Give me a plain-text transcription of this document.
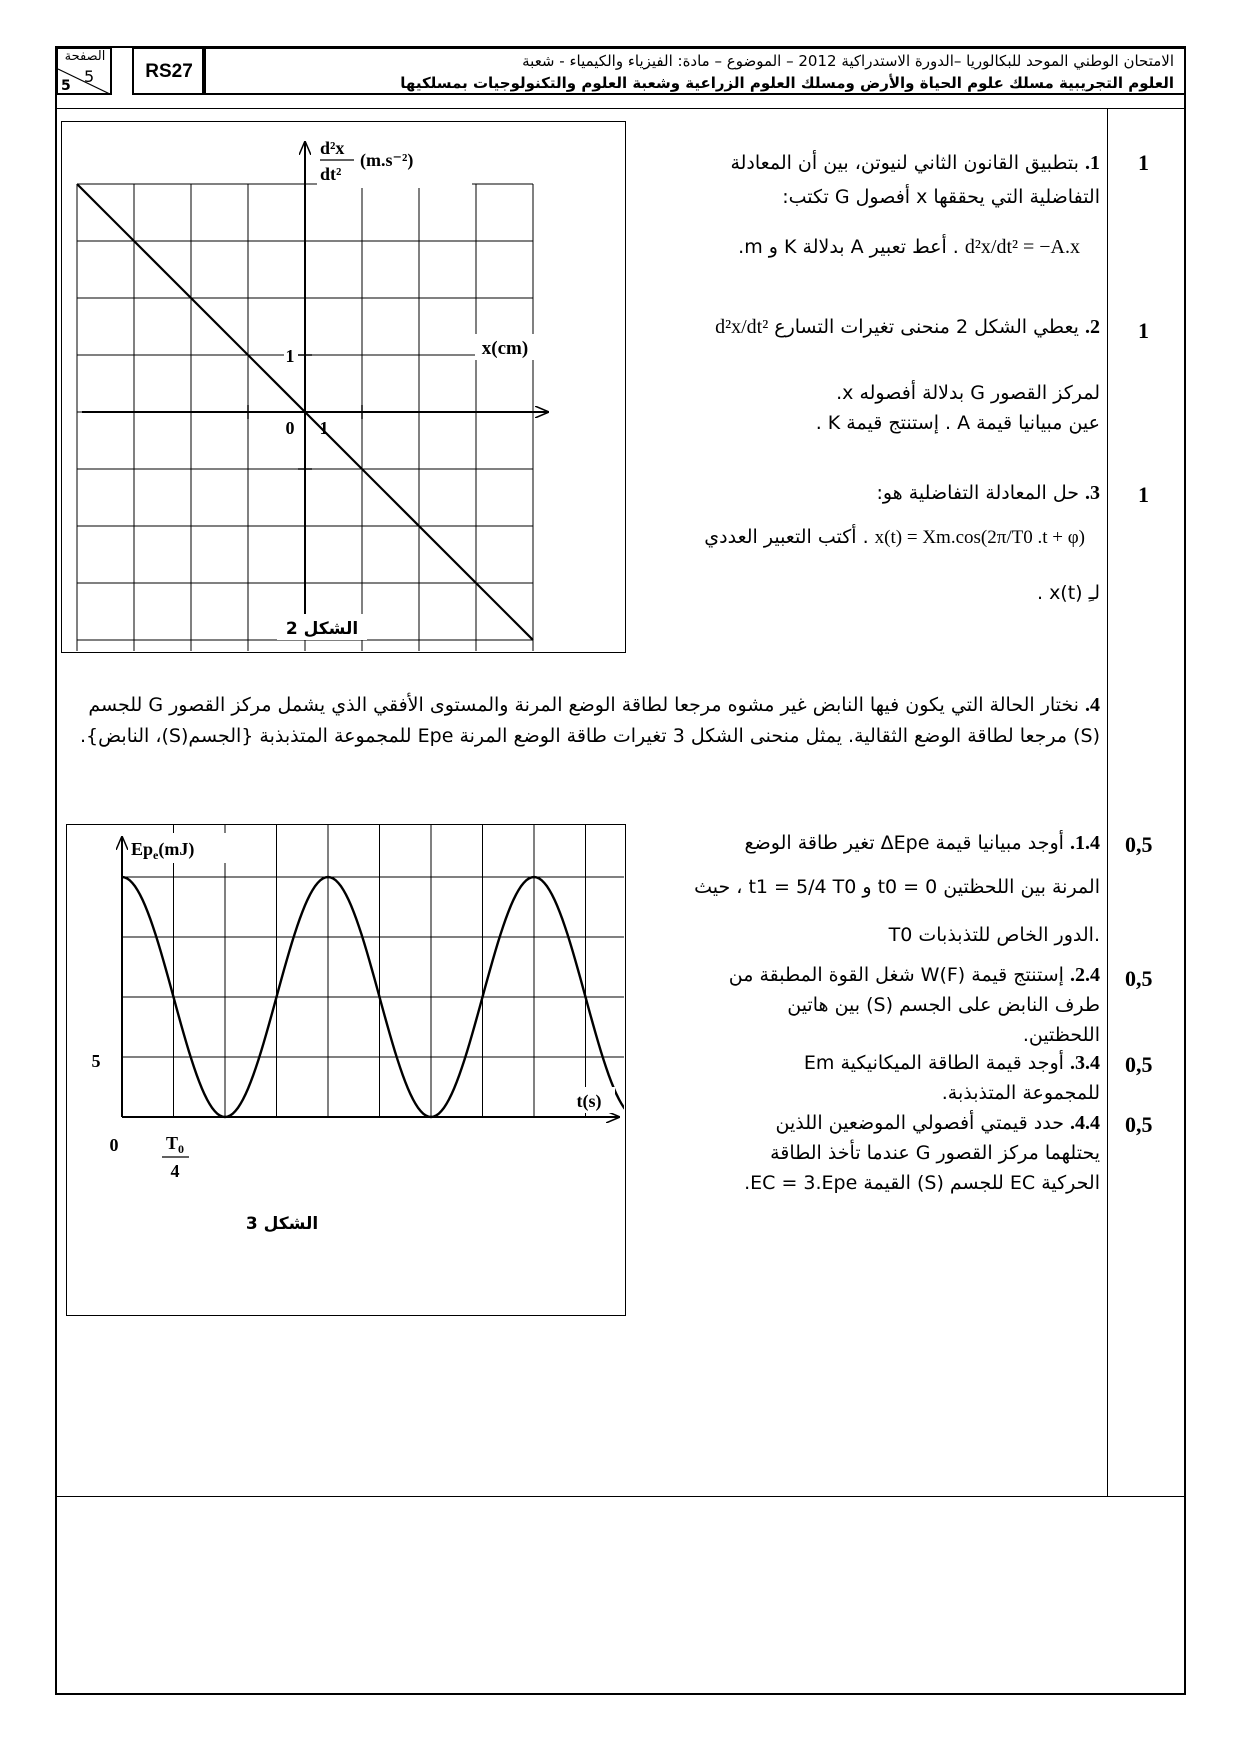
الصفحة
5
5
RS27	الامتحان الوطني الموحد للبكالوريا –الدورة الاستدراكية 2012 – الموضوع – مادة: الفيزياء والكيمياء - شعبة
العلوم التجريبية مسلك علوم الحياة والأرض ومسلك العلوم الزراعية وشعبة العلوم والتكنولوجيات بمسلكيها
1
0 1
x(cm)
d²x
dt²
(m.s⁻²)
الشكل 2
1
1. بتطبيق القانون الثاني لنيوتن، بين أن المعادلة
التفاضلية التي يحققها x أفصول G تكتب:
. أعط تعبير A بدلالة K و m. d²x/dt² = −A.x
1
2. يعطي الشكل 2 منحنى تغيرات التسارع d²x/dt²
لمركز القصور G بدلالة أفصوله x.
عين مبيانيا قيمة A . إستنتج قيمة K .
1
3. حل المعادلة التفاضلية هو:
. أكتب التعبير العددي x(t) = Xm.cos(2π/T0 .t + φ)
لـِ x(t) .
4. نختار الحالة التي يكون فيها النابض غير مشوه مرجعا لطاقة الوضع المرنة والمستوى الأفقي الذي يشمل مركز القصور G للجسم (S) مرجعا لطاقة الوضع الثقالية. يمثل منحنى الشكل 3 تغيرات طاقة الوضع المرنة Epe للمجموعة المتذبذبة {الجسم(S)، النابض}.
$Ep_e(mJ)$
t(s)
5
0	$T_0$
4
الشكل 3
0,5
1.4. أوجد مبيانيا قيمة ΔEpe تغير طاقة الوضع
المرنة بين اللحظتين t0 = 0 و t1 = 5/4 T0 ، حيث
T0 الدور الخاص للتذبذبات.
0,5
2.4. إستنتج قيمة W(F) شغل القوة المطبقة من
طرف النابض على الجسم (S) بين هاتين
اللحظتين.
0,5
3.4. أوجد قيمة الطاقة الميكانيكية Em
للمجموعة المتذبذبة.
0,5
4.4. حدد قيمتي أفصولي الموضعين اللذين
يحتلهما مركز القصور G عندما تأخذ الطاقة
الحركية EC للجسم (S) القيمة EC = 3.Epe.
